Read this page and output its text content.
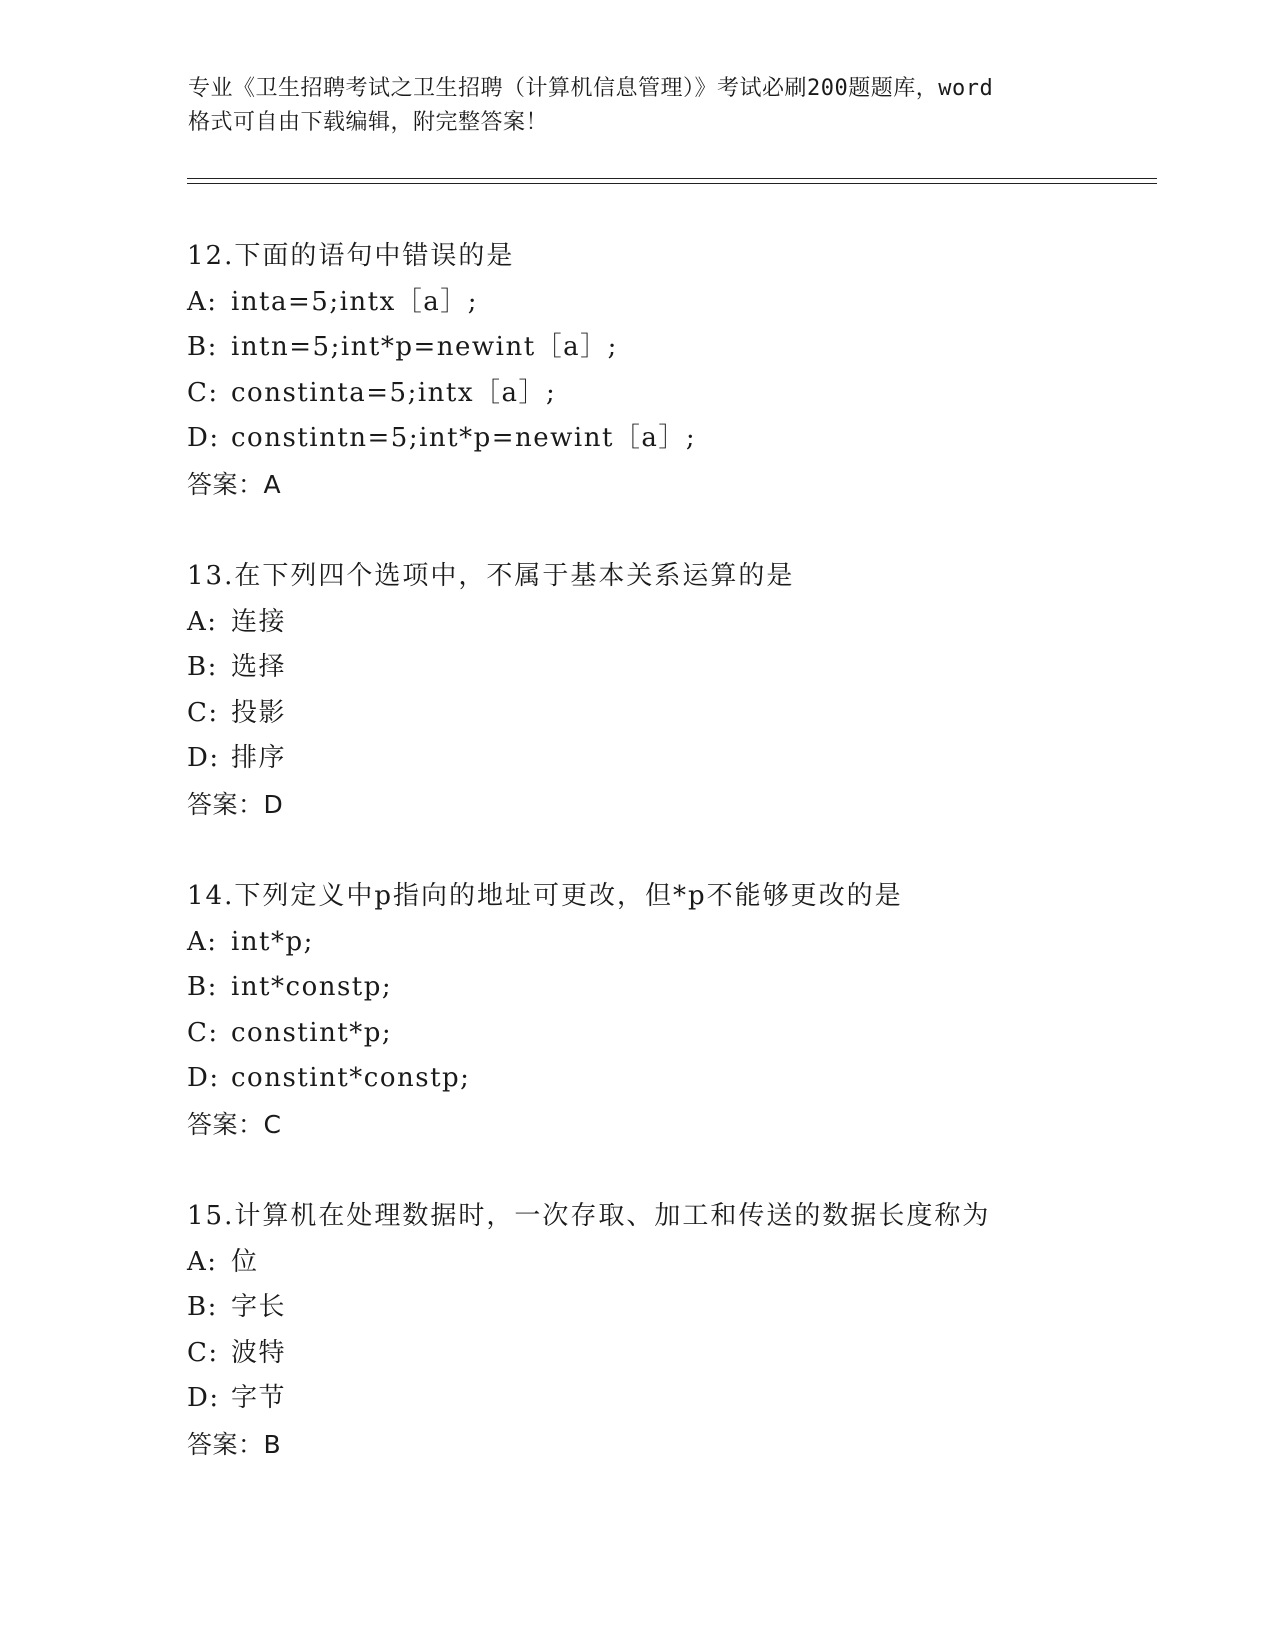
专业《卫生招聘考试之卫生招聘（计算机信息管理）》考试必刷200题题库，word
格式可自由下载编辑，附完整答案！
12.下面的语句中错误的是
A: inta=5;intx［a］;
B: intn=5;int*p=newint［a］;
C: constinta=5;intx［a］;
D: constintn=5;int*p=newint［a］;
答案：A
13.在下列四个选项中，不属于基本关系运算的是
A: 连接
B: 选择
C: 投影
D: 排序
答案：D
14.下列定义中p指向的地址可更改，但*p不能够更改的是
A: int*p;
B: int*constp;
C: constint*p;
D: constint*constp;
答案：C
15.计算机在处理数据时，一次存取、加工和传送的数据长度称为
A: 位
B: 字长
C: 波特
D: 字节
答案：B
